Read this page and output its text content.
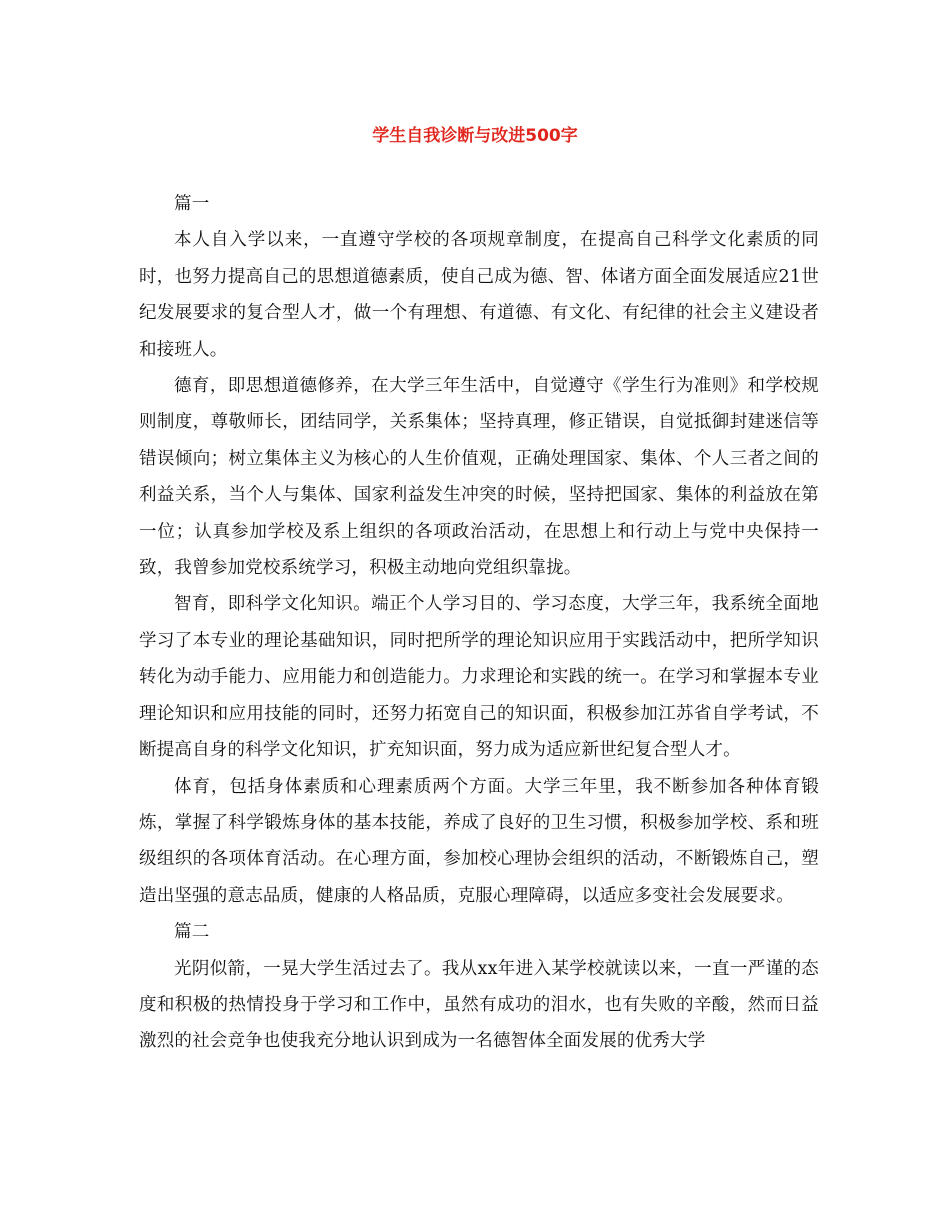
学生自我诊断与改进500字

篇一

本人自入学以来，一直遵守学校的各项规章制度，在提高自己科学文化素质的同时，也努力提高自己的思想道德素质，使自己成为德、智、体诸方面全面发展适应21世纪发展要求的复合型人才，做一个有理想、有道德、有文化、有纪律的社会主义建设者和接班人。

德育，即思想道德修养，在大学三年生活中，自觉遵守《学生行为准则》和学校规则制度，尊敬师长，团结同学，关系集体；坚持真理，修正错误，自觉抵御封建迷信等错误倾向；树立集体主义为核心的人生价值观，正确处理国家、集体、个人三者之间的利益关系，当个人与集体、国家利益发生冲突的时候，坚持把国家、集体的利益放在第一位；认真参加学校及系上组织的各项政治活动，在思想上和行动上与党中央保持一致，我曾参加党校系统学习，积极主动地向党组织靠拢。

智育，即科学文化知识。端正个人学习目的、学习态度，大学三年，我系统全面地学习了本专业的理论基础知识，同时把所学的理论知识应用于实践活动中，把所学知识转化为动手能力、应用能力和创造能力。力求理论和实践的统一。在学习和掌握本专业理论知识和应用技能的同时，还努力拓宽自己的知识面，积极参加江苏省自学考试，不断提高自身的科学文化知识，扩充知识面，努力成为适应新世纪复合型人才。

体育，包括身体素质和心理素质两个方面。大学三年里，我不断参加各种体育锻炼，掌握了科学锻炼身体的基本技能，养成了良好的卫生习惯，积极参加学校、系和班级组织的各项体育活动。在心理方面，参加校心理协会组织的活动，不断锻炼自己，塑造出坚强的意志品质，健康的人格品质，克服心理障碍，以适应多变社会发展要求。

篇二

光阴似箭，一晃大学生活过去了。我从xx年进入某学校就读以来，一直一严谨的态度和积极的热情投身于学习和工作中，虽然有成功的泪水，也有失败的辛酸，然而日益激烈的社会竞争也使我充分地认识到成为一名德智体全面发展的优秀大学
